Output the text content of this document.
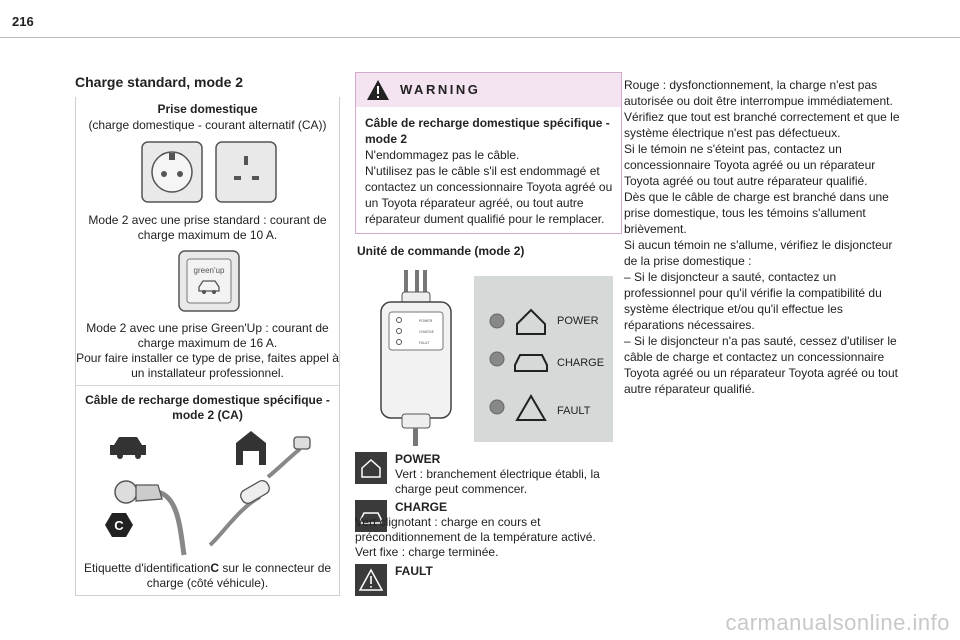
216
Charge standard, mode 2
Prise domestique
(charge domestique - courant alternatif (CA))
Mode 2 avec une prise standard : courant de charge maximum de 10 A.
green'up
Mode 2 avec une prise Green'Up : courant de charge maximum de 16 A.
Pour faire installer ce type de prise, faites appel à un installateur professionnel.
Câble de recharge domestique spécifique - mode 2 (CA)
C
Etiquette d'identificationC sur le connecteur de charge (côté véhicule).
WARNING
Câble de recharge domestique spécifique - mode 2
N'endommagez pas le câble.
N'utilisez pas le câble s'il est endommagé et contactez un concessionnaire Toyota agréé ou un Toyota réparateur agréé, ou tout autre réparateur dument qualifié pour le remplacer.
Unité de commande (mode 2)
POWER
CHARGE
FAULT
POWER
CHARGE
FAULT
POWER
Vert : branchement électrique établi, la charge peut commencer.
CHARGE
Vert clignotant : charge en cours et préconditionnement de la température activé.
Vert fixe : charge terminée.
FAULT
Rouge : dysfonctionnement, la charge n'est pas autorisée ou doit être interrompue immédiatement. Vérifiez que tout est branché correctement et que le système électrique n'est pas défectueux.
Si le témoin ne s'éteint pas, contactez un concessionnaire Toyota agréé ou un réparateur Toyota agréé ou tout autre réparateur qualifié.
Dès que le câble de charge est branché dans une prise domestique, tous les témoins s'allument brièvement.
Si aucun témoin ne s'allume, vérifiez le disjoncteur de la prise domestique :
– Si le disjoncteur a sauté, contactez un professionnel pour qu'il vérifie la compatibilité du système électrique et/ou qu'il effectue les réparations nécessaires.
– Si le disjoncteur n'a pas sauté, cessez d'utiliser le câble de charge et contactez un concessionnaire Toyota agréé ou un réparateur Toyota agréé ou tout autre réparateur qualifié.
carmanualsonline.info
